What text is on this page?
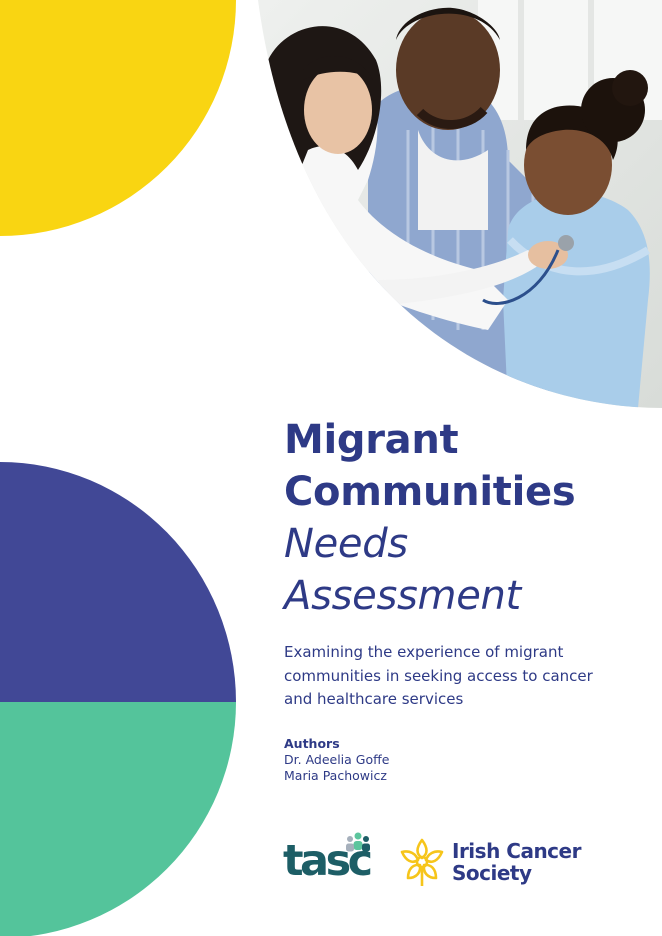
Migrant
Communities
Needs
Assessment

Examining the experience of migrant communities in seeking access to cancer and healthcare services

Authors
Dr. Adeelia Goffe
Maria Pachowicz
tasc	Irish Cancer
Society
